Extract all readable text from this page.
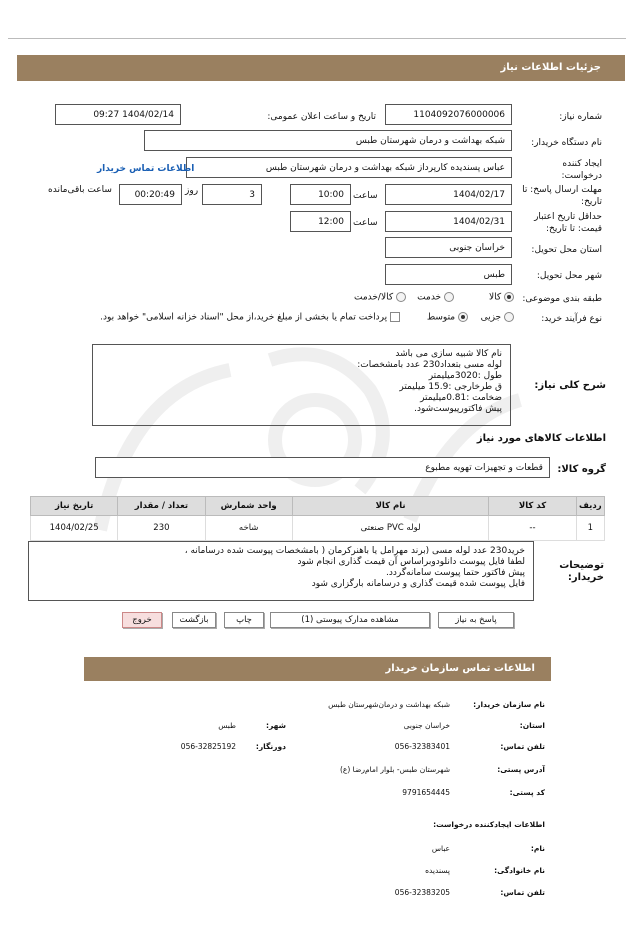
جزئیات اطلاعات نیاز
شماره نیاز:
1104092076000006
تاریخ و ساعت اعلان عمومی:
1404/02/14 09:27
نام دستگاه خریدار:
شبکه بهداشت و درمان شهرستان طبس
ایجاد کننده
درخواست:
عباس پسندیده کارپرداز شبکه بهداشت و درمان شهرستان طبس
اطلاعات تماس خریدار
مهلت ارسال پاسخ: تا
تاریخ:
1404/02/17
ساعت
10:00
3
روز
00:20:49
ساعت باقی‌مانده
حداقل تاریخ اعتبار
قیمت: تا تاریخ:
1404/02/31
ساعت
12:00
استان محل تحویل:
خراسان جنوبی
شهر محل تحویل:
طبس
طبقه بندی موضوعی:
کالا
خدمت
کالا/خدمت
نوع فرآیند خرید:
جزیی
متوسط
پرداخت تمام یا بخشی از مبلغ خرید،از محل "اسناد خزانه اسلامی" خواهد بود.
شرح کلی نیاز:
نام کالا شبیه سازی می باشد
لوله مسی بتعداد230 عدد بامشخصات:
طول :3020میلیمتر
ق طرخارجی :15.9 میلیمتر
ضخامت :0.81میلیمتر
پیش فاکتورپیوست‌شود.
اطلاعات کالاهای مورد نیاز
گروه کالا:
قطعات و تجهیزات تهویه مطبوع
ردیف	کد کالا	نام کالا	واحد شمارش	تعداد / مقدار	تاریخ نیاز
1	--	لوله PVC صنعتی	شاخه	230	1404/02/25
توضیحات
خریدار:
خرید230 عدد لوله مسی (برند مهرامل یا باهنرکرمان ( بامشخصات پیوست شده درسامانه ،
لطفا فایل پیوست دانلودوبراساس آن قیمت گذاری انجام شود
پیش فاکتور حتما پیوست سامانه‌گردد.
فایل پیوست شده قیمت گذاری و درسامانه بارگزاری شود
پاسخ به نیاز
مشاهده مدارک پیوستی (1)
چاپ
بازگشت
خروج
اطلاعات تماس سازمان خریدار
نام سازمان خریدار:
شبکه بهداشت و درمان‌شهرستان طبس
استان:
خراسان جنوبی
شهر:
طبس
تلفن تماس:
056-32383401
دورنگار:
056-32825192
آدرس پستی:
شهرستان طبس- بلوار امام‌رضا (ع)
کد پستی:
9791654445
اطلاعات ایجادکننده درخواست:
نام:
عباس
نام خانوادگی:
پسندیده
تلفن تماس:
056-32383205
